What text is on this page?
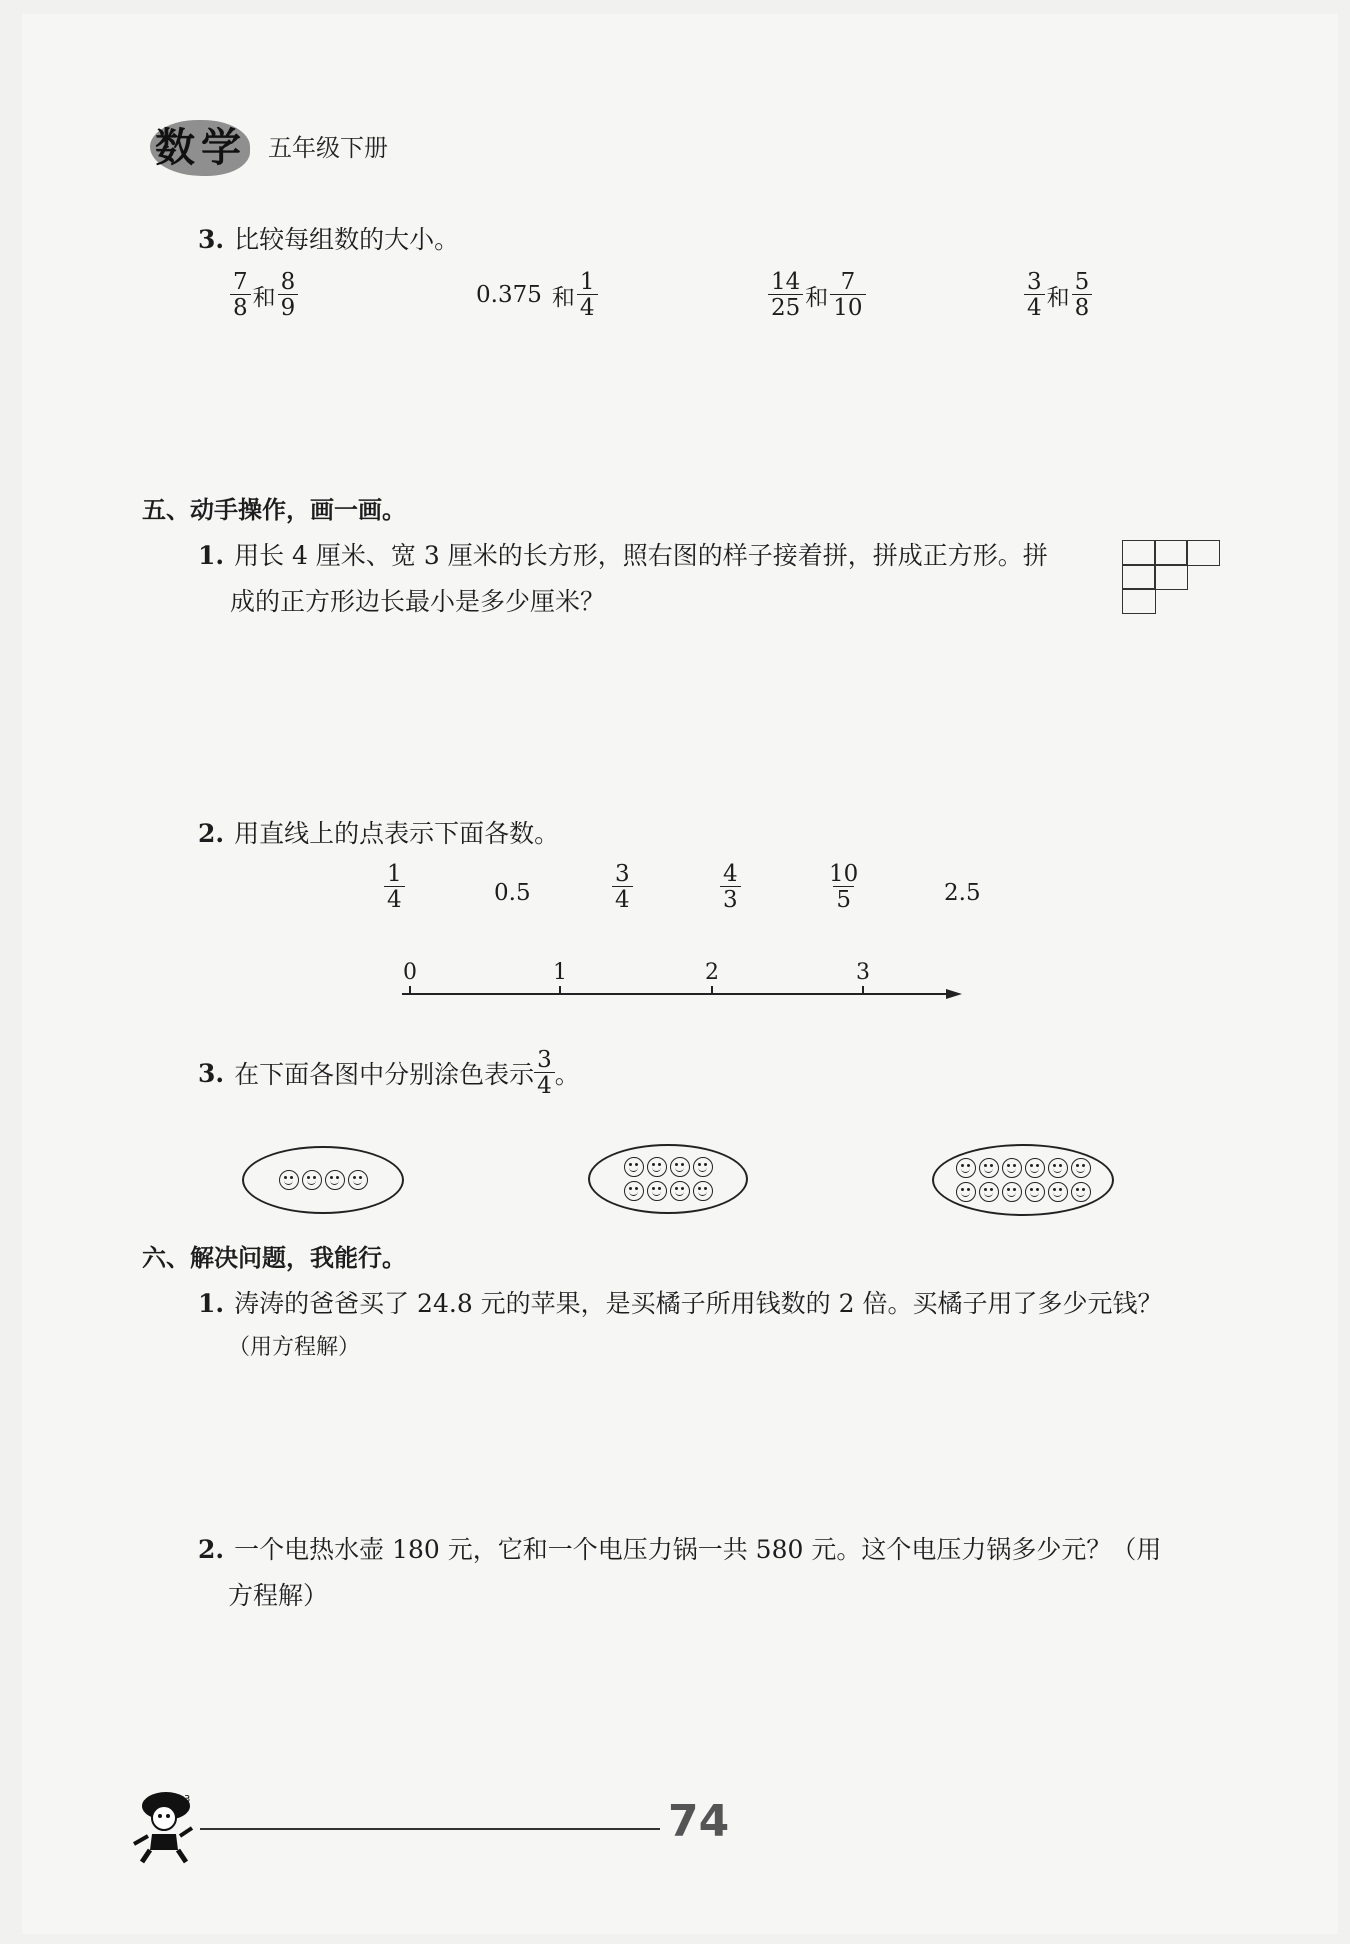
数学 五年级下册
3. 比较每组数的大小。
$\frac{7}{8}$ 和 $\frac{8}{9}$	0.375 和 $\frac{1}{4}$	$\frac{14}{25}$ 和 $\frac{7}{10}$	$\frac{3}{4}$ 和 $\frac{5}{8}$
五、动手操作，画一画。
1. 用长 4 厘米、宽 3 厘米的长方形，照右图的样子接着拼，拼成正方形。拼
成的正方形边长最小是多少厘米？
2. 用直线上的点表示下面各数。
$\frac{1}{4}$	0.5	$\frac{3}{4}$	$\frac{4}{3}$	$\frac{10}{5}$	2.5
0	1	2	3
3. 在下面各图中分别涂色表示 $\frac{3}{4}$ 。
六、解决问题，我能行。
1. 涛涛的爸爸买了 24.8 元的苹果，是买橘子所用钱数的 2 倍。买橘子用了多少元钱？
（用方程解）
2. 一个电热水壶 180 元，它和一个电压力锅一共 580 元。这个电压力锅多少元？（用
方程解）
3	74
